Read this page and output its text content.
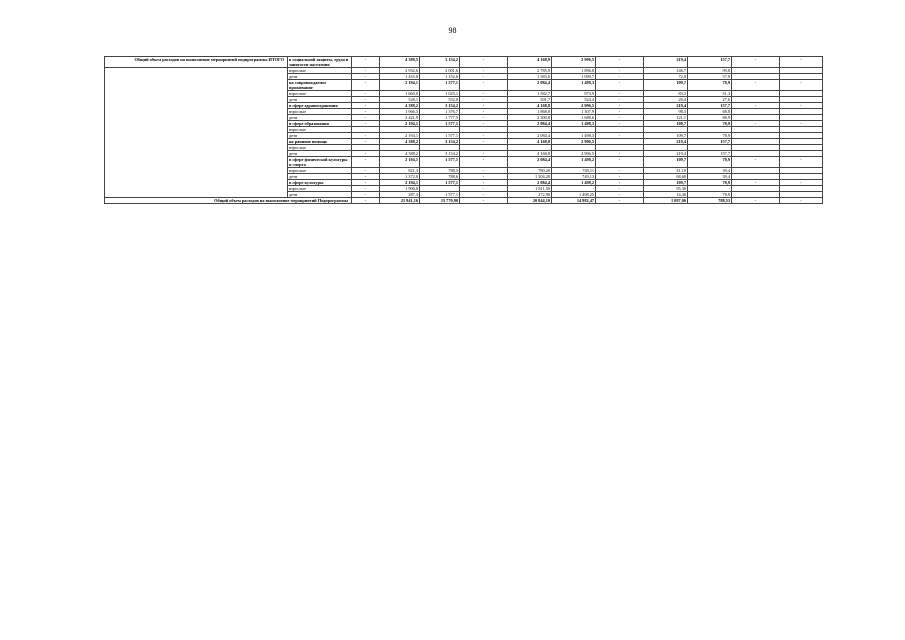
98
Общий объем расходов на выполнение мероприятий подпрограммы ИТОГО	в социальной защиты, труда и занятости населения	-	4 388,5	3 154,2	-	4 168,9	2 996,5	-	219,4	157,7	-	-
	взрослые	-	2 932,6	2 001,6	-	2 785,9	1 896,8	-	146,7	99,8		
	дети	-	1 455,8	1 152,6	-	1 383,0	1 099,7	-	72,8	57,9		
	на сопровождаемое проживание	-	2 194,1	1 577,1	-	2 084,4	1 498,3	-	109,7	78,9	-	-
	взрослые	-	1 660,0	1 025,1	-	1 582,7	973,9	-	83,3	51,3		
	дети	-	528,1	552,0	-	501,7	524,4	-	26,4	27,6		
	в сфере здравоохранения	-	4 388,2	3 154,2	-	4 168,8	2 996,5	-	219,4	157,7	-	-
	взрослые	-	1 966,3	1 376,7	-	1 868,0	1 307,9	-	98,3	68,8		
	дети	-	2 421,9	1 777,5	-	2 300,8	1 688,6	-	121,1	88,9		
	в сфере образования	-	2 194,1	1 577,1	-	2 084,4	1 498,3	-	109,7	78,9	-	-
	взрослые											
	дети	-	2 194,1	1 577,1	-	2 084,4	1 498,3	-	109,7	78,9		
	на раннюю помощь	-	4 388,2	3 154,2	-	4 168,8	2 996,5		219,4	157,7		
	взрослые											
	дети	-	4 388,2	3 154,2	-	4 168,8	2 996,5	-	219,4	157,7		
	в сфере физической культуры и спорта	-	2 194,1	1 577,1	-	2 084,4	1 498,2	-	109,7	78,9	-	-
	взрослые	-	821,3	788,5	-	780,20	749,11	-	41,10	39,4		
	дети	-	1 372,8	788,6	-	1 304,20	749,13	-	68,60	39,4		
	в сфере культуры	-	2 194,1	1 577,1	-	2 084,4	1 498,2	-	109,7	78,9	-	-
	взрослые	-	1 906,8		-	1 811,50	-	-	95,30	-		
	дети	-	287,3	1 577,1	-	272,90	1 498,25	-	14,40	78,9		
Общий объем расходов на выполнение мероприятий Подпрограммы		-	21 941,16	15 770,90	-	20 844,10	14 982,47	-	1 097,06	788,53	-	-
